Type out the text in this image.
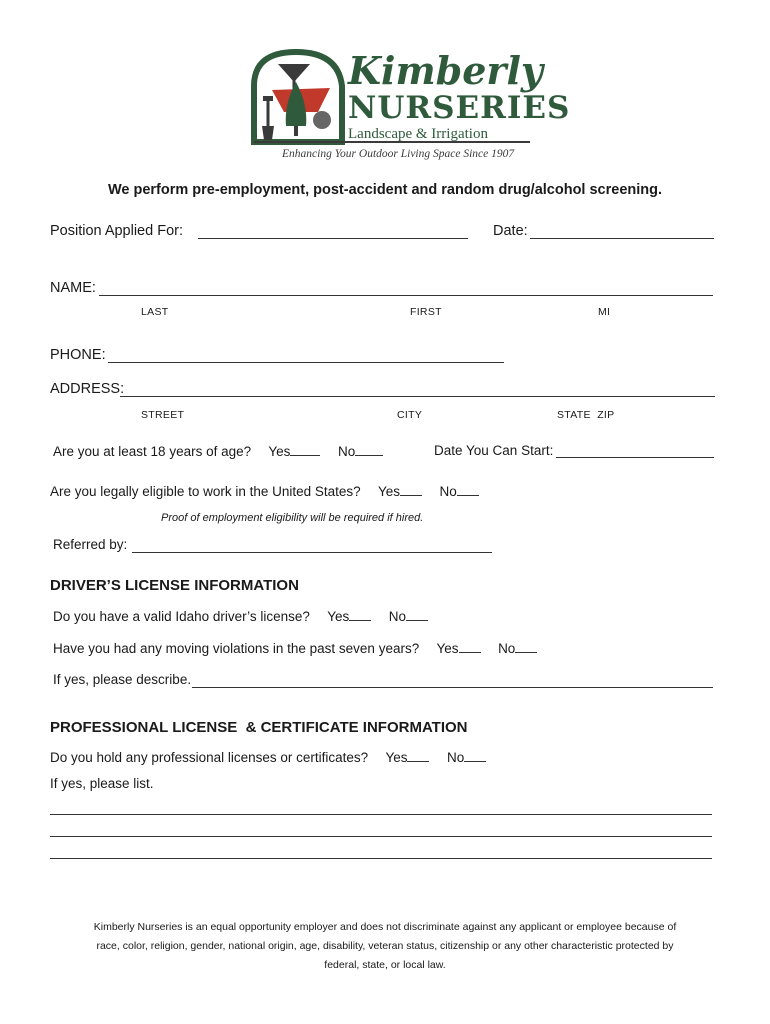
Kimberly
NURSERIES
Landscape & Irrigation
Enhancing Your Outdoor Living Space Since 1907
We perform pre-employment, post-accident and random drug/alcohol screening.
Position Applied For:	Date:
NAME:
LAST	FIRST	MI
PHONE:
ADDRESS:
STREET	CITY	STATE  ZIP
Are you at least 18 years of age? Yes	No	Date You Can Start:
Are you legally eligible to work in the United States? Yes	No
Proof of employment eligibility will be required if hired.
Referred by:
DRIVER’S LICENSE INFORMATION
Do you have a valid Idaho driver’s license? Yes	No
Have you had any moving violations in the past seven years? Yes	No
If yes, please describe.
PROFESSIONAL LICENSE  & CERTIFICATE INFORMATION
Do you hold any professional licenses or certificates? Yes	No
If yes, please list.
Kimberly Nurseries is an equal opportunity employer and does not discriminate against any applicant or employee because of
race, color, religion, gender, national origin, age, disability, veteran status, citizenship or any other characteristic protected by
federal, state, or local law.
